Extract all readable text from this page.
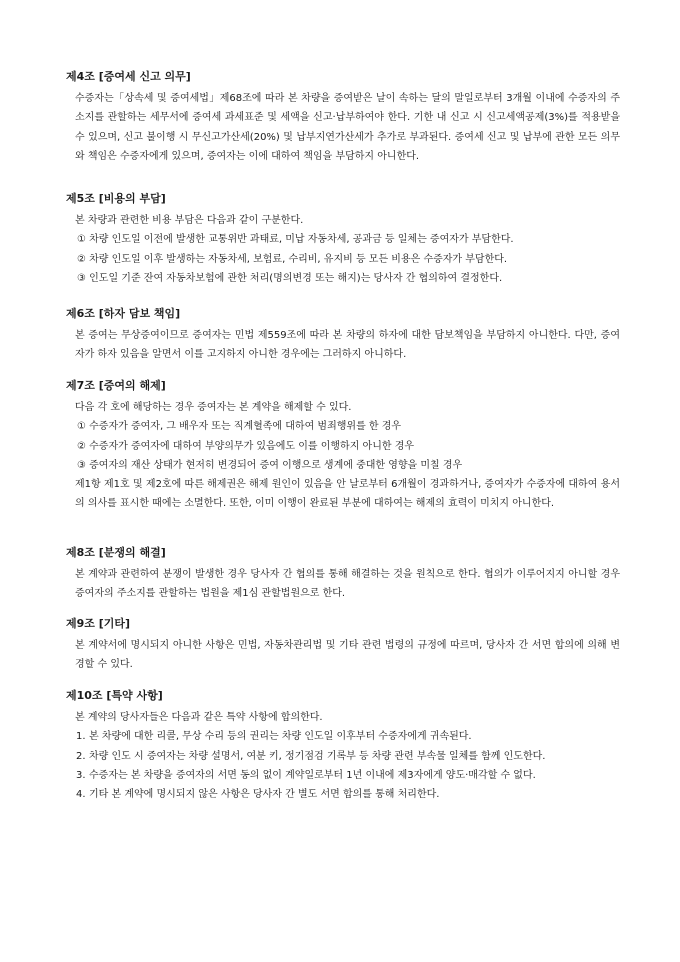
제4조 [증여세 신고 의무]
수증자는「상속세 및 증여세법」제68조에 따라 본 차량을 증여받은 날이 속하는 달의 말일로부터 3개월 이내에 수증자의 주소지를 관할하는 세무서에 증여세 과세표준 및 세액을 신고·납부하여야 한다. 기한 내 신고 시 신고세액공제(3%)를 적용받을 수 있으며, 신고 불이행 시 무신고가산세(20%) 및 납부지연가산세가 추가로 부과된다. 증여세 신고 및 납부에 관한 모든 의무와 책임은 수증자에게 있으며, 증여자는 이에 대하여 책임을 부담하지 아니한다.
제5조 [비용의 부담]
본 차량과 관련한 비용 부담은 다음과 같이 구분한다.
① 차량 인도일 이전에 발생한 교통위반 과태료, 미납 자동차세, 공과금 등 일체는 증여자가 부담한다.
② 차량 인도일 이후 발생하는 자동차세, 보험료, 수리비, 유지비 등 모든 비용은 수증자가 부담한다.
③ 인도일 기준 잔여 자동차보험에 관한 처리(명의변경 또는 해지)는 당사자 간 협의하여 결정한다.
제6조 [하자 담보 책임]
본 증여는 무상증여이므로 증여자는 민법 제559조에 따라 본 차량의 하자에 대한 담보책임을 부담하지 아니한다. 다만, 증여자가 하자 있음을 알면서 이를 고지하지 아니한 경우에는 그러하지 아니하다.
제7조 [증여의 해제]
다음 각 호에 해당하는 경우 증여자는 본 계약을 해제할 수 있다.
① 수증자가 증여자, 그 배우자 또는 직계혈족에 대하여 범죄행위를 한 경우
② 수증자가 증여자에 대하여 부양의무가 있음에도 이를 이행하지 아니한 경우
③ 증여자의 재산 상태가 현저히 변경되어 증여 이행으로 생계에 중대한 영향을 미칠 경우
제1항 제1호 및 제2호에 따른 해제권은 해제 원인이 있음을 안 날로부터 6개월이 경과하거나, 증여자가 수증자에 대하여 용서의 의사를 표시한 때에는 소멸한다. 또한, 이미 이행이 완료된 부분에 대하여는 해제의 효력이 미치지 아니한다.
제8조 [분쟁의 해결]
본 계약과 관련하여 분쟁이 발생한 경우 당사자 간 협의를 통해 해결하는 것을 원칙으로 한다. 협의가 이루어지지 아니할 경우 증여자의 주소지를 관할하는 법원을 제1심 관할법원으로 한다.
제9조 [기타]
본 계약서에 명시되지 아니한 사항은 민법, 자동차관리법 및 기타 관련 법령의 규정에 따르며, 당사자 간 서면 합의에 의해 변경할 수 있다.
제10조 [특약 사항]
본 계약의 당사자들은 다음과 같은 특약 사항에 합의한다.
1. 본 차량에 대한 리콜, 무상 수리 등의 권리는 차량 인도일 이후부터 수증자에게 귀속된다.
2. 차량 인도 시 증여자는 차량 설명서, 여분 키, 정기점검 기록부 등 차량 관련 부속물 일체를 함께 인도한다.
3. 수증자는 본 차량을 증여자의 서면 동의 없이 계약일로부터 1년 이내에 제3자에게 양도·매각할 수 없다.
4. 기타 본 계약에 명시되지 않은 사항은 당사자 간 별도 서면 합의를 통해 처리한다.
